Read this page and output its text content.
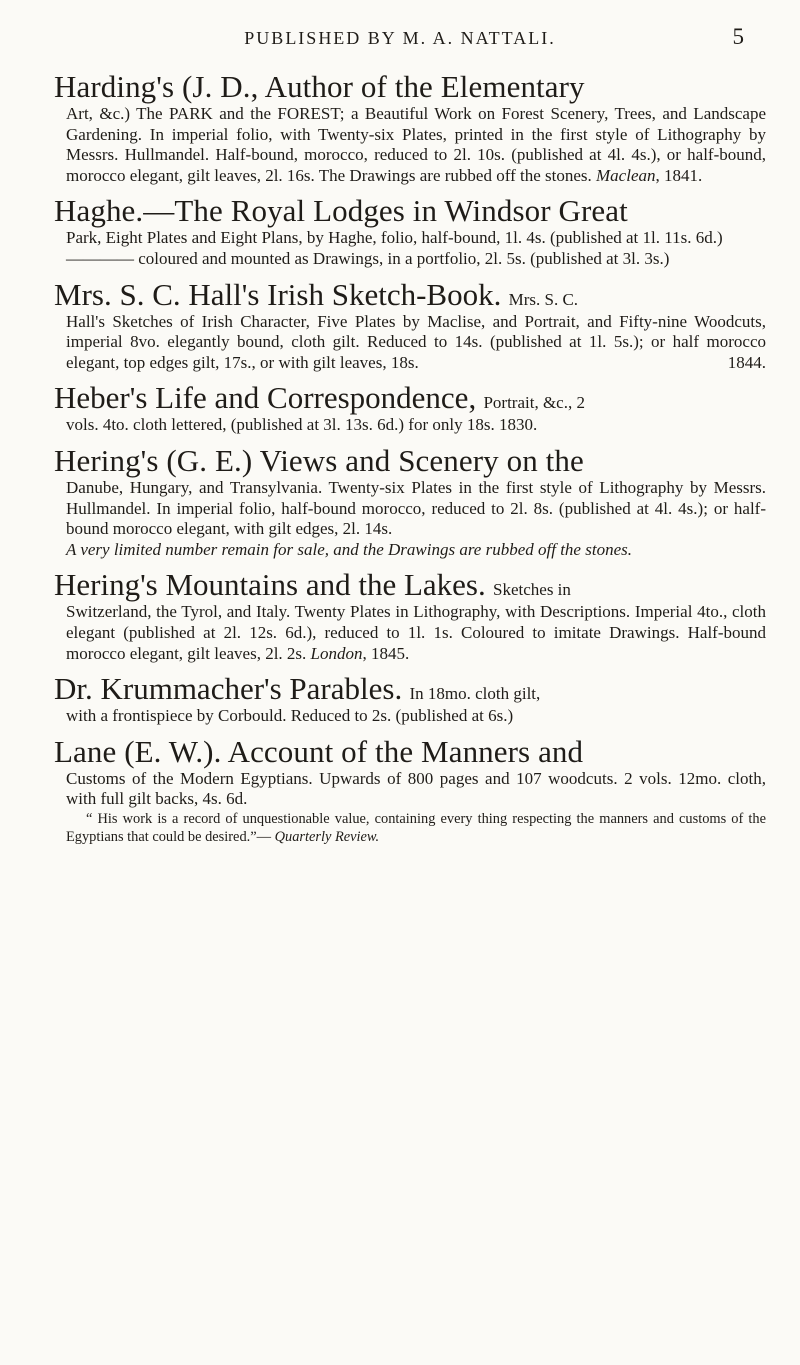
PUBLISHED BY M. A. NATTALI.	5
Harding's (J. D., Author of the Elementary
Art, &c.) The PARK and the FOREST; a Beautiful Work on Forest Scenery, Trees, and Landscape Gardening. In imperial folio, with Twenty-six Plates, printed in the first style of Lithography by Messrs. Hullmandel. Half-bound, morocco, reduced to 2l. 10s. (published at 4l. 4s.), or half-bound, morocco elegant, gilt leaves, 2l. 16s. The Drawings are rubbed off the stones. Maclean, 1841.
Haghe.—The Royal Lodges in Windsor Great
Park, Eight Plates and Eight Plans, by Haghe, folio, half-bound, 1l. 4s. (published at 1l. 11s. 6d.)
———— coloured and mounted as Drawings, in a portfolio, 2l. 5s. (published at 3l. 3s.)
Mrs. S. C. Hall's Irish Sketch-Book. Mrs. S. C.
Hall's Sketches of Irish Character, Five Plates by Maclise, and Portrait, and Fifty-nine Woodcuts, imperial 8vo. elegantly bound, cloth gilt. Reduced to 14s. (published at 1l. 5s.); or half morocco elegant, top edges gilt, 17s., or with gilt leaves, 18s.	1844.
Heber's Life and Correspondence, Portrait, &c., 2
vols. 4to. cloth lettered, (published at 3l. 13s. 6d.) for only 18s. 1830.
Hering's (G. E.) Views and Scenery on the
Danube, Hungary, and Transylvania. Twenty-six Plates in the first style of Lithography by Messrs. Hullmandel. In imperial folio, half-bound morocco, reduced to 2l. 8s. (published at 4l. 4s.); or half-bound morocco elegant, with gilt edges, 2l. 14s.
A very limited number remain for sale, and the Drawings are rubbed off the stones.
Hering's Mountains and the Lakes. Sketches in
Switzerland, the Tyrol, and Italy. Twenty Plates in Lithography, with Descriptions. Imperial 4to., cloth elegant (published at 2l. 12s. 6d.), reduced to 1l. 1s. Coloured to imitate Drawings. Half-bound morocco elegant, gilt leaves, 2l. 2s. London, 1845.
Dr. Krummacher's Parables. In 18mo. cloth gilt,
with a frontispiece by Corbould. Reduced to 2s. (published at 6s.)
Lane (E. W.). Account of the Manners and
Customs of the Modern Egyptians. Upwards of 800 pages and 107 woodcuts. 2 vols. 12mo. cloth, with full gilt backs, 4s. 6d.
“ His work is a record of unquestionable value, containing every thing respecting the manners and customs of the Egyptians that could be desired.”— Quarterly Review.
